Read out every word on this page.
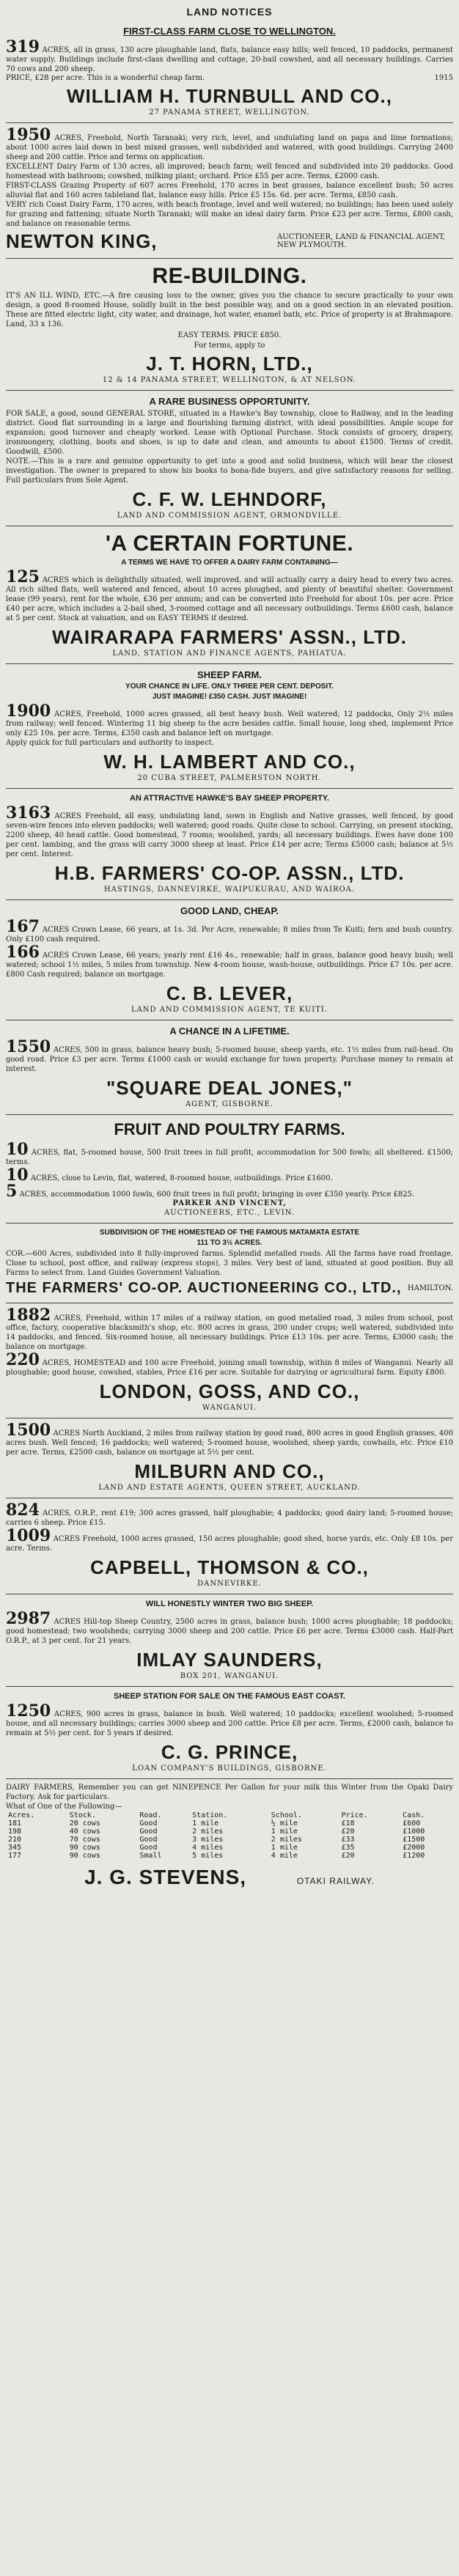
LAND NOTICES
FIRST-CLASS FARM CLOSE TO WELLINGTON.
319 ACRES, all in grass, 130 acre ploughable land, flats, balance easy hills; well fenced, 10 paddocks, permanent water supply. Buildings include first-class dwelling and cottage, 20-bail cowshed, and all necessary buildings. Carries 70 cows and 200 sheep.
PRICE, £28 per acre. This is a wonderful cheap farm.	1915
WILLIAM H. TURNBULL AND CO.,
27 PANAMA STREET, WELLINGTON.
1950 ACRES, Freehold, North Taranaki; very rich, level, and undulating land on papa and lime formations; about 1000 acres laid down in best mixed grasses, well subdivided and watered, with good buildings. Carrying 2400 sheep and 200 cattle. Price and terms on application.
EXCELLENT Dairy Farm of 130 acres, all improved; beach farm; well fenced and subdivided into 20 paddocks. Good homestead with bathroom; cowshed, milking plant; orchard. Price £55 per acre. Terms, £2000 cash.
FIRST-CLASS Grazing Property of 607 acres Freehold, 170 acres in best grasses, balance excellent bush; 50 acres alluvial flat and 160 acres tableland flat, balance easy hills. Price £5 15s. 6d. per acre. Terms, £850 cash.
VERY rich Coast Dairy Farm, 170 acres, with beach frontage, level and well watered; no buildings; has been used solely for grazing and fattening; situate North Taranaki; will make an ideal dairy farm. Price £23 per acre. Terms, £800 cash, and balance on reasonable terms.
NEWTON KING,	AUCTIONEER, LAND & FINANCIAL AGENT, NEW PLYMOUTH.
RE-BUILDING.
IT'S AN ILL WIND, ETC.—A fire causing loss to the owner, gives you the chance to secure practically to your own design, a good 8-roomed House, solidly built in the best possible way, and on a good section in an elevated position. These are fitted electric light, city water, and drainage, hot water, enamel bath, etc. Price of property is at Brahmapore. Land, 33 x 136.
EASY TERMS. PRICE £850.
For terms, apply to
J. T. HORN, LTD.,
12 & 14 PANAMA STREET, WELLINGTON, & AT NELSON.
A RARE BUSINESS OPPORTUNITY.
FOR SALE, a good, sound GENERAL STORE, situated in a Hawke's Bay township, close to Railway, and in the leading district. Good flat surrounding in a large and flourishing farming district, with ideal possibilities. Ample scope for expansion; good turnover and cheaply worked. Lease with Optional Purchase. Stock consists of grocery, drapery, ironmongery, clothing, boots and shoes, is up to date and clean, and amounts to about £1500. Terms of credit. Goodwill, £500.
NOTE.—This is a rare and genuine opportunity to get into a good and solid business, which will bear the closest investigation. The owner is prepared to show his books to bona-fide buyers, and give satisfactory reasons for selling. Full particulars from Sole Agent.
C. F. W. LEHNDORF,
LAND AND COMMISSION AGENT, ORMONDVILLE.
'A CERTAIN FORTUNE.
A TERMS WE HAVE TO OFFER A DAIRY FARM CONTAINING—
125 ACRES which is delightfully situated, well improved, and will actually carry a dairy head to every two acres. All rich silted flats, well watered and fenced, about 10 acres ploughed, and plenty of beautiful shelter. Government lease (99 years), rent for the whole, £36 per annum; and can be converted into Freehold for about 10s. per acre. Price £40 per acre, which includes a 2-bail shed, 3-roomed cottage and all necessary outbuildings. Terms £600 cash, balance at 5 per cent. Stock at valuation, and on EASY TERMS if desired.
WAIRARAPA FARMERS' ASSN., LTD.
LAND, STATION AND FINANCE AGENTS, PAHIATUA.
SHEEP FARM.
YOUR CHANCE IN LIFE. ONLY THREE PER CENT. DEPOSIT.
JUST IMAGINE! £350 CASH. JUST IMAGINE!
1900 ACRES, Freehold, 1000 acres grassed, all best heavy bush. Well watered; 12 paddocks, Only 2½ miles from railway; well fenced. Wintering 11 big sheep to the acre besides cattle. Small house, long shed, implement Price only £25 10s. per acre. Terms, £350 cash and balance left on mortgage.
Apply quick for full particulars and authority to inspect.
W. H. LAMBERT AND CO.,
20 CUBA STREET, PALMERSTON NORTH.
AN ATTRACTIVE HAWKE'S BAY SHEEP PROPERTY.
3163 ACRES Freehold, all easy, undulating land, sown in English and Native grasses, well fenced, by good seven-wire fences into eleven paddocks; well watered; good roads. Quite close to school. Carrying, on present stocking, 2200 sheep, 40 head cattle. Good homestead, 7 rooms; woolshed, yards; all necessary buildings. Ewes have done 100 per cent. lambing, and the grass will carry 3000 sheep at least. Price £14 per acre; Terms £5000 cash; balance at 5½ per cent. Interest.
H.B. FARMERS' CO-OP. ASSN., LTD.
HASTINGS, DANNEVIRKE, WAIPUKURAU, AND WAIROA.
GOOD LAND, CHEAP.
167 ACRES Crown Lease, 66 years, at 1s. 3d. Per Acre, renewable; 8 miles from Te Kuiti; fern and bush country. Only £100 cash required.
166 ACRES Crown Lease, 66 years; yearly rent £16 4s., renewable; half in grass, balance good heavy bush; well watered; school 1½ miles, 5 miles from township. New 4-room house, wash-house, outbuildings. Price £7 10s. per acre. £800 Cash required; balance on mortgage.
C. B. LEVER,
LAND AND COMMISSION AGENT, TE KUITI.
A CHANCE IN A LIFETIME.
1550 ACRES, 500 in grass, balance heavy bush; 5-roomed house, sheep yards, etc. 1½ miles from rail-head. On good road. Price £3 per acre. Terms £1000 cash or would exchange for town property. Purchase money to remain at interest.
"SQUARE DEAL JONES,"
AGENT, GISBORNE.
FRUIT AND POULTRY FARMS.
10 ACRES, flat, 5-roomed house, 500 fruit trees in full profit, accommodation for 500 fowls; all sheltered. £1500; terms.
10 ACRES, close to Levin, flat, watered, 8-roomed house, outbuildings. Price £1600.
5 ACRES, accommodation 1000 fowls, 600 fruit trees in full profit; bringing in over £350 yearly. Price £825.
PARKER AND VINCENT,
AUCTIONEERS, ETC., LEVIN.
SUBDIVISION OF THE HOMESTEAD OF THE FAMOUS MATAMATA ESTATE
111 TO 3½ ACRES.
COR.—600 Acres, subdivided into 8 fully-improved farms. Splendid metalled roads. All the farms have road frontage. Close to school, post office, and railway (express stops), 3 miles. Very best of land, situated at good position. Buy all Farms to select from. Land Guides Government Valuation.
THE FARMERS' CO-OP. AUCTIONEERING CO., LTD., HAMILTON.
1882 ACRES, Freehold, within 17 miles of a railway station, on good metalled road, 3 miles from school, post office, factory, cooperative blacksmith's shop, etc. 800 acres in grass, 200 under crops; well watered, subdivided into 14 paddocks, and fenced. Six-roomed house, all necessary buildings. Price £13 10s. per acre. Terms, £3000 cash; the balance on mortgage.
220 ACRES, HOMESTEAD and 100 acre Freehold, joining small township, within 8 miles of Wanganui. Nearly all ploughable; good house, cowshed, stables, Price £16 per acre. Suitable for dairying or agricultural farm. Equity £800.
LONDON, GOSS, AND CO.,
WANGANUI.
1500 ACRES North Auckland, 2 miles from railway station by good road, 800 acres in good English grasses, 400 acres bush. Well fenced; 16 paddocks; well watered; 5-roomed house, woolshed, sheep yards, cowbails, etc. Price £10 per acre. Terms, £2500 cash, balance on mortgage at 5½ per cent.
MILBURN AND CO.,
LAND AND ESTATE AGENTS, QUEEN STREET, AUCKLAND.
824 ACRES, O.R.P., rent £19; 300 acres grassed, half ploughable; 4 paddocks; good dairy land; 5-roomed house; carries 6 sheep. Price £15.
1009 ACRES Freehold, 1000 acres grassed, 150 acres ploughable; good shed, horse yards, etc. Only £8 10s. per acre. Terms.
CAPBELL, THOMSON & CO.,
DANNEVIRKE.
WILL HONESTLY WINTER TWO BIG SHEEP.
2987 ACRES Hill-top Sheep Country, 2500 acres in grass, balance bush; 1000 acres ploughable; 18 paddocks; good homestead; two woolsheds; carrying 3000 sheep and 200 cattle. Price £6 per acre. Terms £3000 cash. Half-Part O.R.P., at 3 per cent. for 21 years.
IMLAY SAUNDERS,
BOX 201, WANGANUI.
SHEEP STATION FOR SALE ON THE FAMOUS EAST COAST.
1250 ACRES, 900 acres in grass, balance in bush. Well watered; 10 paddocks; excellent woolshed; 5-roomed house, and all necessary buildings; carries 3000 sheep and 200 cattle. Price £8 per acre. Terms, £2000 cash, balance to remain at 5½ per cent. for 5 years if desired.
C. G. PRINCE,
LOAN COMPANY'S BUILDINGS, GISBORNE.
DAIRY FARMERS, Remember you can get NINEPENCE Per Gallon for your milk this Winter from the Opaki Dairy Factory. Ask for particulars.
What of One of the Following—
Acres.	Stock.	Road.	Station.	School.	Price.	Cash.
181	20 cows	Good	1 mile	½ mile	£18	£600
198	40 cows	Good	2 miles	1 mile	£20	£1000
210	70 cows	Good	3 miles	2 miles	£33	£1500
345	90 cows	Good	4 miles	1 mile	£35	£2000
177	90 cows	Small	5 miles	4 mile	£20	£1200
J. G. STEVENS,	OTAKI RAILWAY.
